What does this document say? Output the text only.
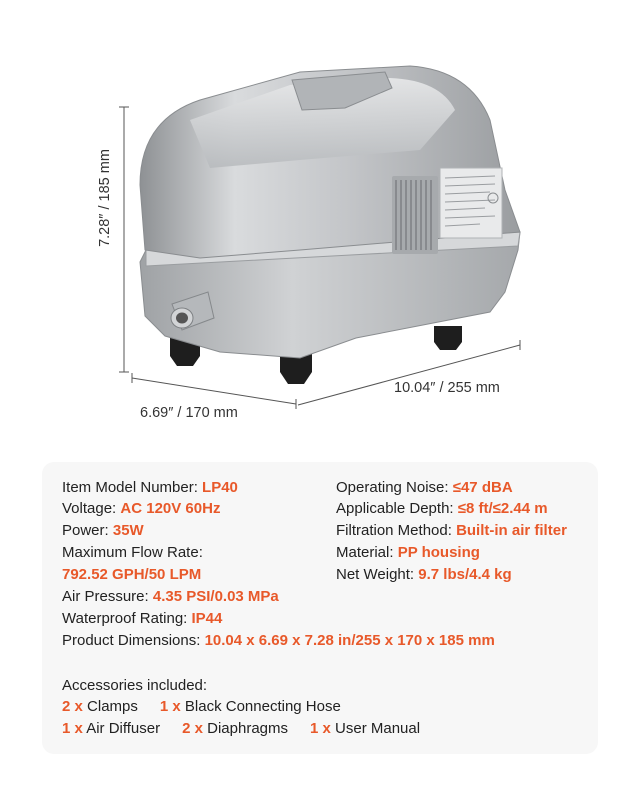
7.28″ / 185 mm
6.69″ / 170 mm
10.04″ / 255 mm
Item Model Number: LP40
Voltage: AC 120V 60Hz
Power: 35W
Maximum Flow Rate:
792.52 GPH/50 LPM
Air Pressure: 4.35 PSI/0.03 MPa
Waterproof Rating: IP44
Product Dimensions: 10.04 x 6.69 x 7.28 in/255 x 170 x 185 mm
Operating Noise: ≤47 dBA
Applicable Depth: ≤8 ft/≤2.44 m
Filtration Method: Built-in air filter
Material: PP housing
Net Weight: 9.7 lbs/4.4 kg
Accessories included:
2 x Clamps 1 x Black Connecting Hose
1 x Air Diffuser 2 x Diaphragms 1 x User Manual
